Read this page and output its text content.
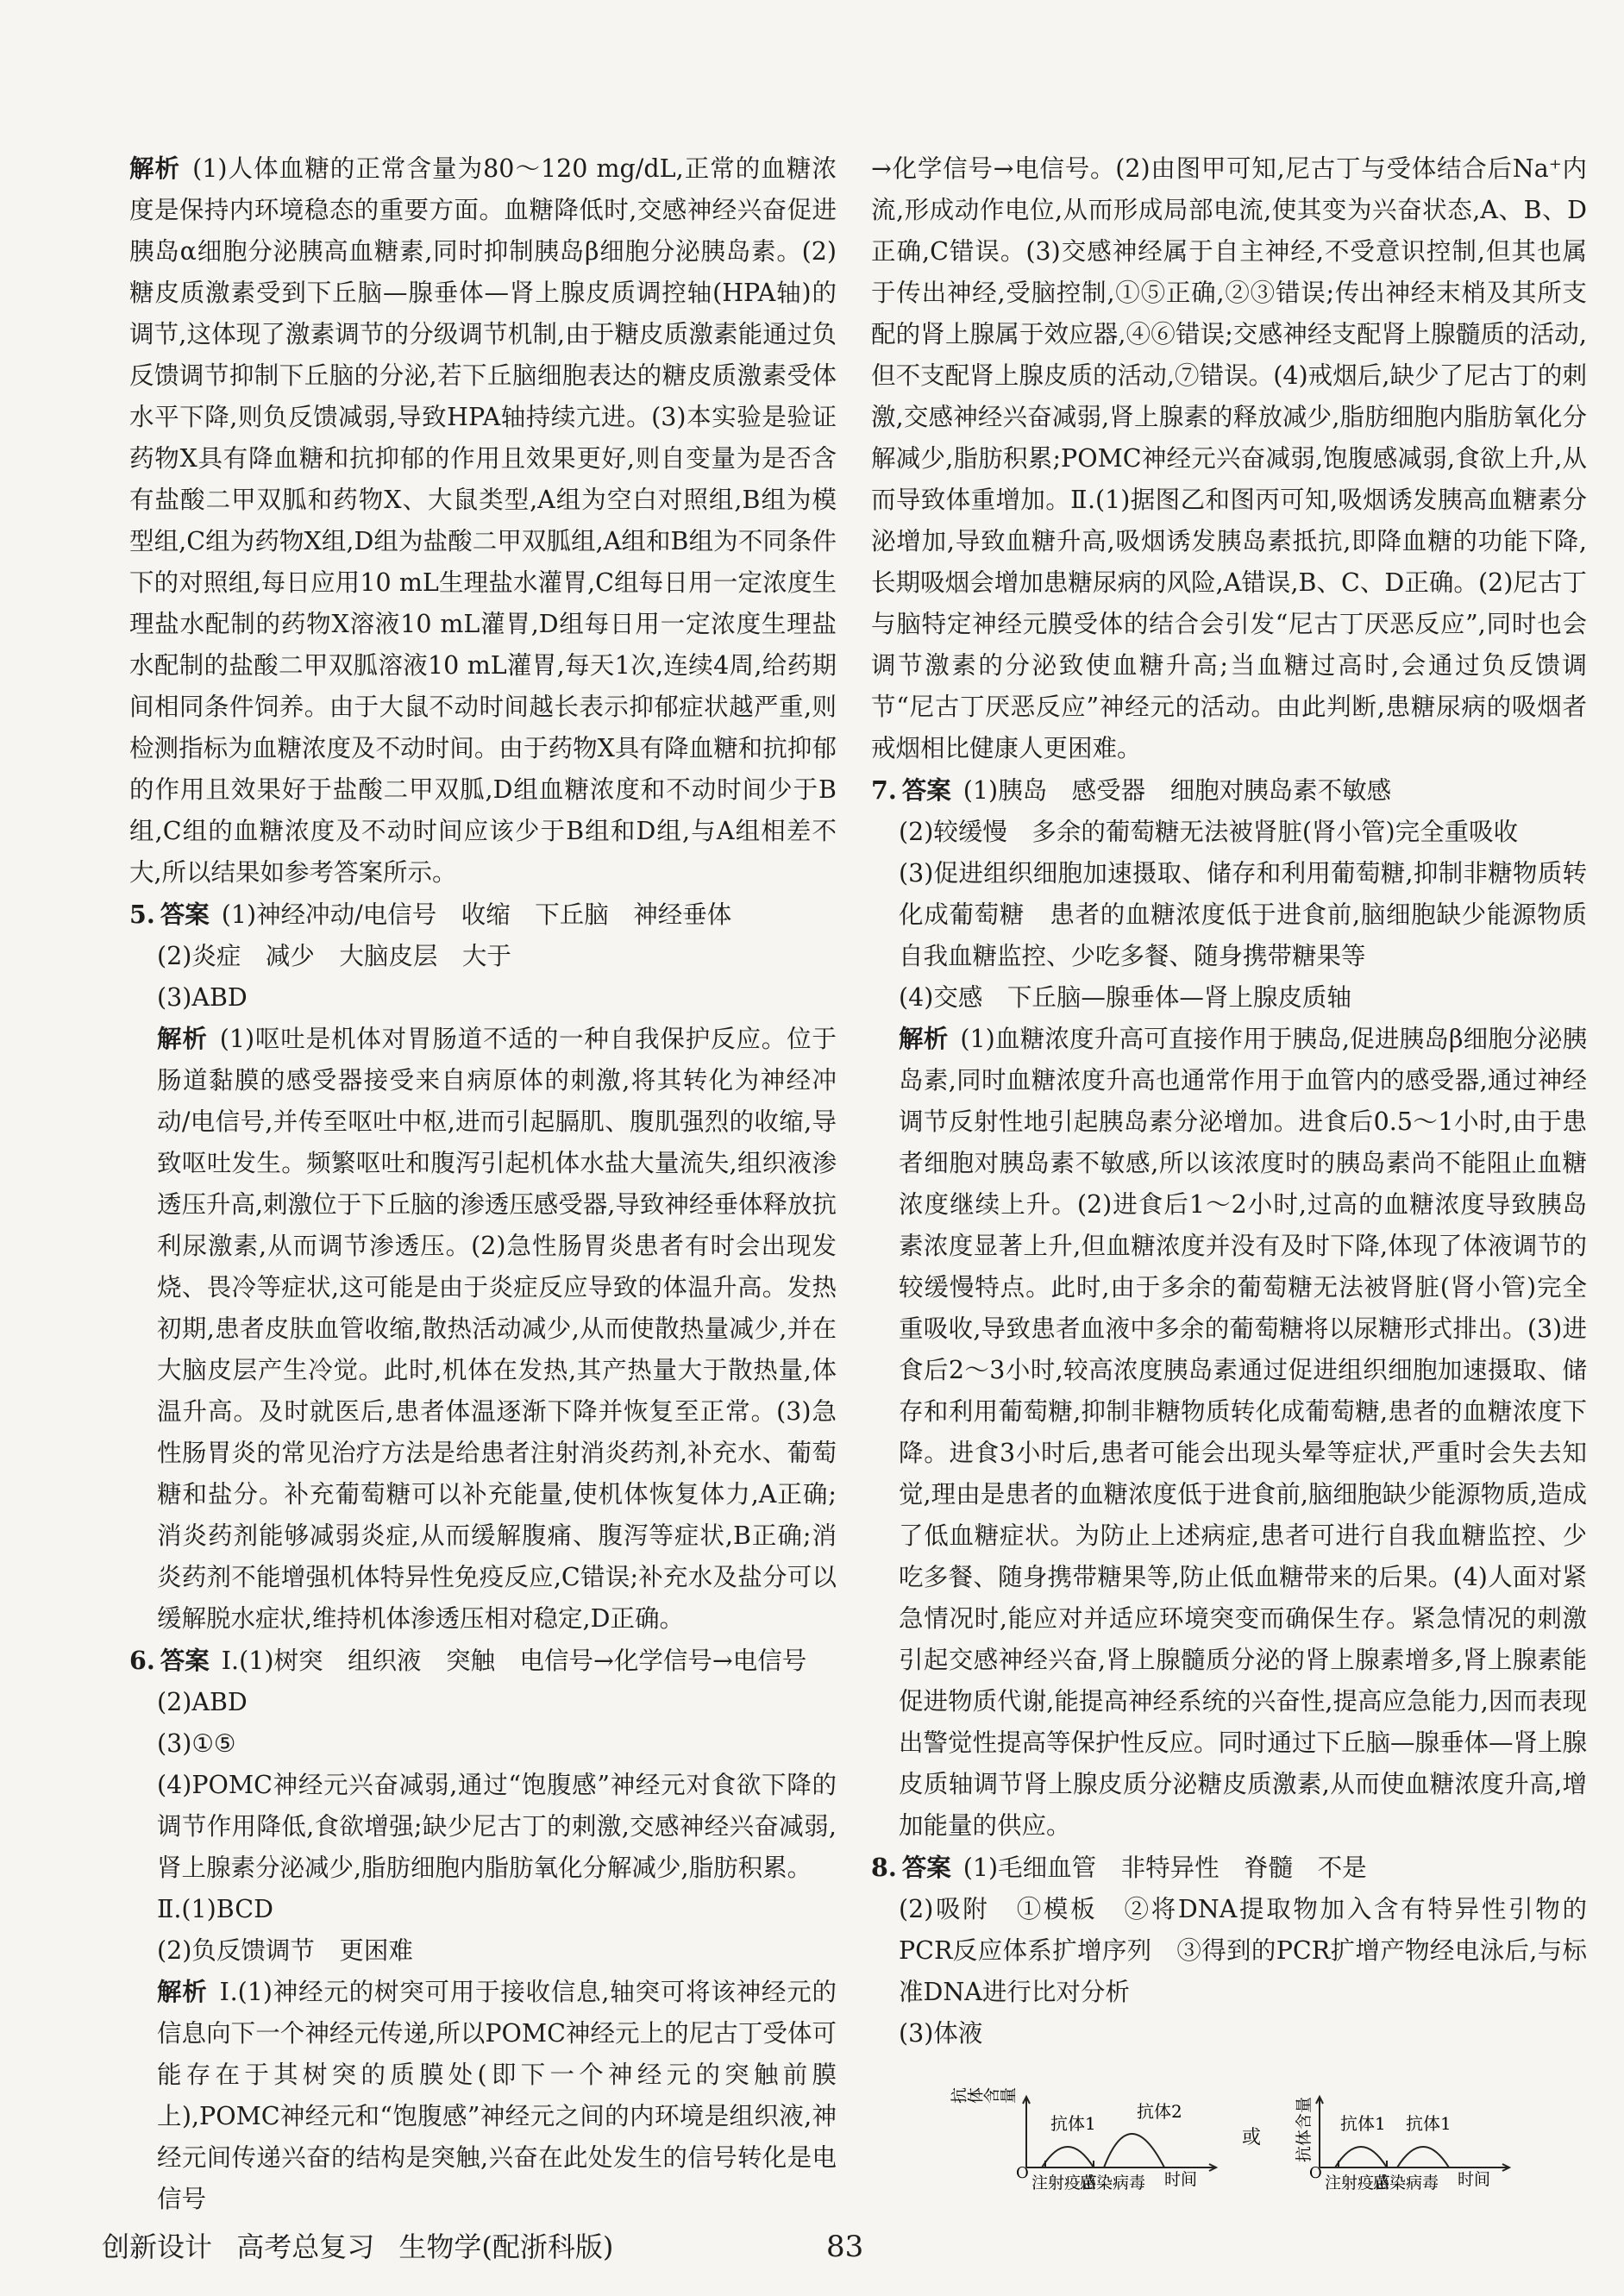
解析 (1)人体血糖的正常含量为80～120 mg/dL,正常的血糖浓度是保持内环境稳态的重要方面。血糖降低时,交感神经兴奋促进胰岛α细胞分泌胰高血糖素,同时抑制胰岛β细胞分泌胰岛素。(2)糖皮质激素受到下丘脑—腺垂体—肾上腺皮质调控轴(HPA轴)的调节,这体现了激素调节的分级调节机制,由于糖皮质激素能通过负反馈调节抑制下丘脑的分泌,若下丘脑细胞表达的糖皮质激素受体水平下降,则负反馈减弱,导致HPA轴持续亢进。(3)本实验是验证药物X具有降血糖和抗抑郁的作用且效果更好,则自变量为是否含有盐酸二甲双胍和药物X、大鼠类型,A组为空白对照组,B组为模型组,C组为药物X组,D组为盐酸二甲双胍组,A组和B组为不同条件下的对照组,每日应用10 mL生理盐水灌胃,C组每日用一定浓度生理盐水配制的药物X溶液10 mL灌胃,D组每日用一定浓度生理盐水配制的盐酸二甲双胍溶液10 mL灌胃,每天1次,连续4周,给药期间相同条件饲养。由于大鼠不动时间越长表示抑郁症状越严重,则检测指标为血糖浓度及不动时间。由于药物X具有降血糖和抗抑郁的作用且效果好于盐酸二甲双胍,D组血糖浓度和不动时间少于B组,C组的血糖浓度及不动时间应该少于B组和D组,与A组相差不大,所以结果如参考答案所示。

5. 答案 (1)神经冲动/电信号　收缩　下丘脑　神经垂体

(2)炎症　减少　大脑皮层　大于

(3)ABD

解析 (1)呕吐是机体对胃肠道不适的一种自我保护反应。位于肠道黏膜的感受器接受来自病原体的刺激,将其转化为神经冲动/电信号,并传至呕吐中枢,进而引起膈肌、腹肌强烈的收缩,导致呕吐发生。频繁呕吐和腹泻引起机体水盐大量流失,组织液渗透压升高,刺激位于下丘脑的渗透压感受器,导致神经垂体释放抗利尿激素,从而调节渗透压。(2)急性肠胃炎患者有时会出现发烧、畏冷等症状,这可能是由于炎症反应导致的体温升高。发热初期,患者皮肤血管收缩,散热活动减少,从而使散热量减少,并在大脑皮层产生冷觉。此时,机体在发热,其产热量大于散热量,体温升高。及时就医后,患者体温逐渐下降并恢复至正常。(3)急性肠胃炎的常见治疗方法是给患者注射消炎药剂,补充水、葡萄糖和盐分。补充葡萄糖可以补充能量,使机体恢复体力,A正确;消炎药剂能够减弱炎症,从而缓解腹痛、腹泻等症状,B正确;消炎药剂不能增强机体特异性免疫反应,C错误;补充水及盐分可以缓解脱水症状,维持机体渗透压相对稳定,D正确。

6. 答案 Ⅰ.(1)树突　组织液　突触　电信号→化学信号→电信号

(2)ABD

(3)①⑤

(4)POMC神经元兴奋减弱,通过“饱腹感”神经元对食欲下降的调节作用降低,食欲增强;缺少尼古丁的刺激,交感神经兴奋减弱,肾上腺素分泌减少,脂肪细胞内脂肪氧化分解减少,脂肪积累。

Ⅱ.(1)BCD

(2)负反馈调节　更困难

解析 Ⅰ.(1)神经元的树突可用于接收信息,轴突可将该神经元的信息向下一个神经元传递,所以POMC神经元上的尼古丁受体可能存在于其树突的质膜处(即下一个神经元的突触前膜上),POMC神经元和“饱腹感”神经元之间的内环境是组织液,神经元间传递兴奋的结构是突触,兴奋在此处发生的信号转化是电信号

→化学信号→电信号。(2)由图甲可知,尼古丁与受体结合后Na⁺内流,形成动作电位,从而形成局部电流,使其变为兴奋状态,A、B、D正确,C错误。(3)交感神经属于自主神经,不受意识控制,但其也属于传出神经,受脑控制,①⑤正确,②③错误;传出神经末梢及其所支配的肾上腺属于效应器,④⑥错误;交感神经支配肾上腺髓质的活动,但不支配肾上腺皮质的活动,⑦错误。(4)戒烟后,缺少了尼古丁的刺激,交感神经兴奋减弱,肾上腺素的释放减少,脂肪细胞内脂肪氧化分解减少,脂肪积累;POMC神经元兴奋减弱,饱腹感减弱,食欲上升,从而导致体重增加。Ⅱ.(1)据图乙和图丙可知,吸烟诱发胰高血糖素分泌增加,导致血糖升高,吸烟诱发胰岛素抵抗,即降血糖的功能下降,长期吸烟会增加患糖尿病的风险,A错误,B、C、D正确。(2)尼古丁与脑特定神经元膜受体的结合会引发“尼古丁厌恶反应”,同时也会调节激素的分泌致使血糖升高;当血糖过高时,会通过负反馈调节“尼古丁厌恶反应”神经元的活动。由此判断,患糖尿病的吸烟者戒烟相比健康人更困难。

7. 答案 (1)胰岛　感受器　细胞对胰岛素不敏感

(2)较缓慢　多余的葡萄糖无法被肾脏(肾小管)完全重吸收

(3)促进组织细胞加速摄取、储存和利用葡萄糖,抑制非糖物质转化成葡萄糖　患者的血糖浓度低于进食前,脑细胞缺少能源物质　自我血糖监控、少吃多餐、随身携带糖果等

(4)交感　下丘脑—腺垂体—肾上腺皮质轴

解析 (1)血糖浓度升高可直接作用于胰岛,促进胰岛β细胞分泌胰岛素,同时血糖浓度升高也通常作用于血管内的感受器,通过神经调节反射性地引起胰岛素分泌增加。进食后0.5～1小时,由于患者细胞对胰岛素不敏感,所以该浓度时的胰岛素尚不能阻止血糖浓度继续上升。(2)进食后1～2小时,过高的血糖浓度导致胰岛素浓度显著上升,但血糖浓度并没有及时下降,体现了体液调节的较缓慢特点。此时,由于多余的葡萄糖无法被肾脏(肾小管)完全重吸收,导致患者血液中多余的葡萄糖将以尿糖形式排出。(3)进食后2～3小时,较高浓度胰岛素通过促进组织细胞加速摄取、储存和利用葡萄糖,抑制非糖物质转化成葡萄糖,患者的血糖浓度下降。进食3小时后,患者可能会出现头晕等症状,严重时会失去知觉,理由是患者的血糖浓度低于进食前,脑细胞缺少能源物质,造成了低血糖症状。为防止上述病症,患者可进行自我血糖监控、少吃多餐、随身携带糖果等,防止低血糖带来的后果。(4)人面对紧急情况时,能应对并适应环境突变而确保生存。紧急情况的刺激引起交感神经兴奋,肾上腺髓质分泌的肾上腺素增多,肾上腺素能促进物质代谢,能提高神经系统的兴奋性,提高应急能力,因而表现出警觉性提高等保护性反应。同时通过下丘脑—腺垂体—肾上腺皮质轴调节肾上腺皮质分泌糖皮质激素,从而使血糖浓度升高,增加能量的供应。

8. 答案 (1)毛细血管　非特异性　脊髓　不是

(2)吸附　①模板　②将DNA提取物加入含有特异性引物的PCR反应体系扩增序列　③得到的PCR扩增产物经电泳后,与标准DNA进行比对分析

(3)体液

抗体含量
O
抗体1
抗体2
时间
注射疫苗
感染病毒
或 抗体含量
O
抗体1 抗体1
时间
注射疫苗
感染病毒
创新设计 高考总复习 生物学(配浙科版)	83
